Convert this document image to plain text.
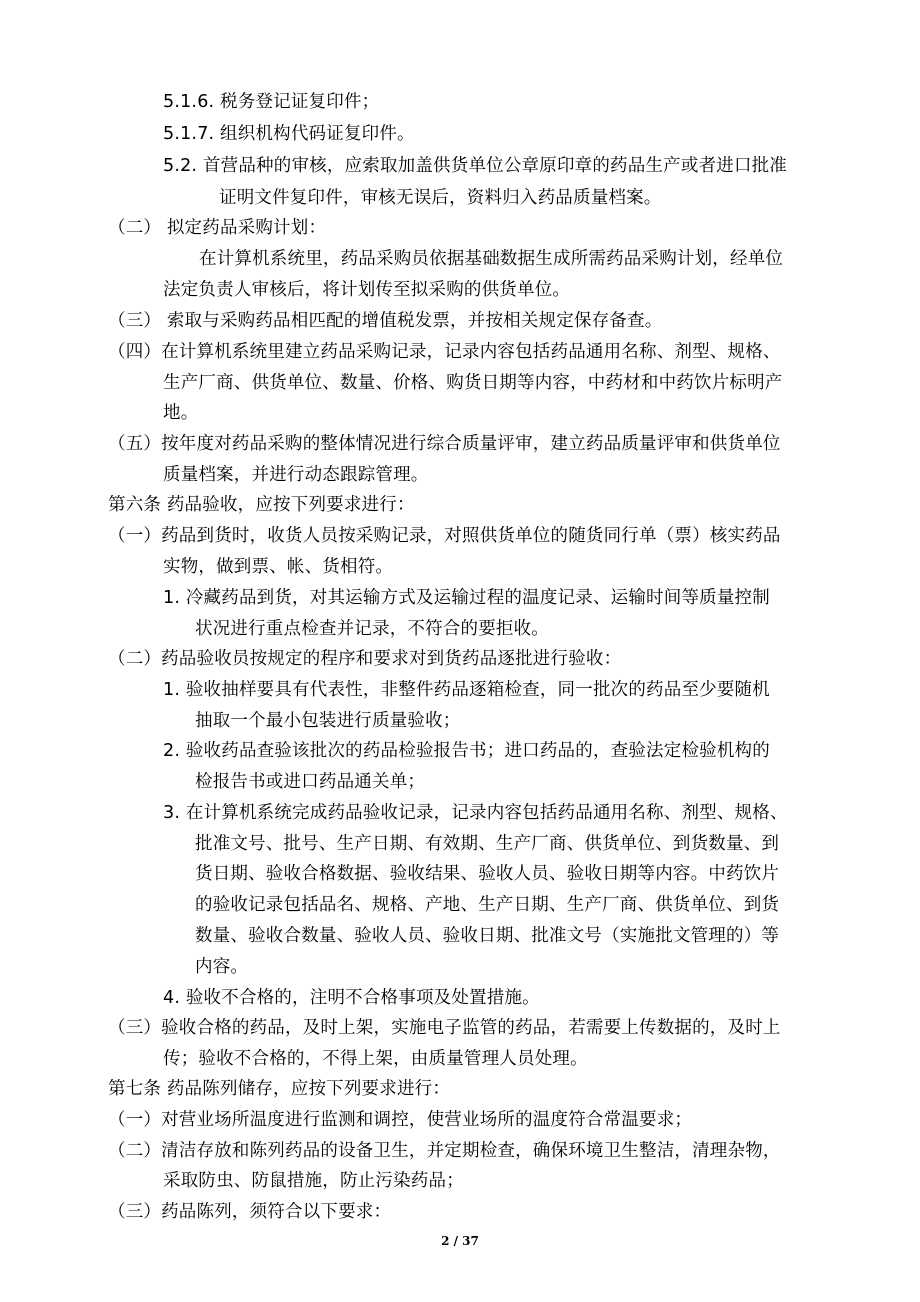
5.1.6. 税务登记证复印件；
5.1.7. 组织机构代码证复印件。
5.2. 首营品种的审核，应索取加盖供货单位公章原印章的药品生产或者进口批准
证明文件复印件，审核无误后，资料归入药品质量档案。
（二） 拟定药品采购计划：
在计算机系统里，药品采购员依据基础数据生成所需药品采购计划，经单位
法定负责人审核后，将计划传至拟采购的供货单位。
（三） 索取与采购药品相匹配的增值税发票，并按相关规定保存备查。
（四）在计算机系统里建立药品采购记录，记录内容包括药品通用名称、剂型、规格、
生产厂商、供货单位、数量、价格、购货日期等内容，中药材和中药饮片标明产
地。
（五）按年度对药品采购的整体情况进行综合质量评审，建立药品质量评审和供货单位
质量档案，并进行动态跟踪管理。
第六条 药品验收，应按下列要求进行：
（一）药品到货时，收货人员按采购记录，对照供货单位的随货同行单（票）核实药品
实物，做到票、帐、货相符。
1. 冷藏药品到货，对其运输方式及运输过程的温度记录、运输时间等质量控制
状况进行重点检查并记录，不符合的要拒收。
（二）药品验收员按规定的程序和要求对到货药品逐批进行验收：
1. 验收抽样要具有代表性，非整件药品逐箱检查，同一批次的药品至少要随机
抽取一个最小包装进行质量验收；
2. 验收药品查验该批次的药品检验报告书；进口药品的，查验法定检验机构的
检报告书或进口药品通关单；
3. 在计算机系统完成药品验收记录，记录内容包括药品通用名称、剂型、规格、
批准文号、批号、生产日期、有效期、生产厂商、供货单位、到货数量、到
货日期、验收合格数据、验收结果、验收人员、验收日期等内容。中药饮片
的验收记录包括品名、规格、产地、生产日期、生产厂商、供货单位、到货
数量、验收合数量、验收人员、验收日期、批准文号（实施批文管理的）等
内容。
4. 验收不合格的，注明不合格事项及处置措施。
（三）验收合格的药品，及时上架，实施电子监管的药品，若需要上传数据的，及时上
传；验收不合格的，不得上架，由质量管理人员处理。
第七条 药品陈列储存，应按下列要求进行：
（一）对营业场所温度进行监测和调控，使营业场所的温度符合常温要求；
（二）清洁存放和陈列药品的设备卫生，并定期检查，确保环境卫生整洁，清理杂物，
采取防虫、防鼠措施，防止污染药品；
（三）药品陈列，须符合以下要求：
2 / 37
